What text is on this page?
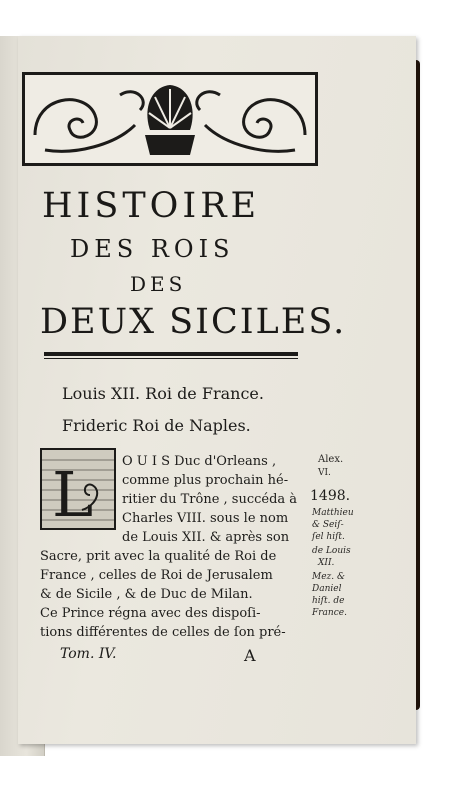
HISTOIRE
DES ROIS
DES
DEUX SICILES.
Louis XII. Roi de France.
Frideric Roi de Naples.
L O U I S Duc d'Orleans ,
comme plus prochain hé-
ritier du Trône , succéda à
Charles VIII. sous le nom
de Louis XII. & après son
Sacre, prit avec la qualité de Roi de
France , celles de Roi de Jerusalem
& de Sicile , & de Duc de Milan.
Ce Prince régna avec des dispoſi-
tions différentes de celles de ſon pré-
Alex.
VI.
1498.
Matthieu
& Seiſ-
ſel hiſt.
de Louis
XII.
Mez. &
Daniel
hiſt. de
France.
Tom. IV.	A
